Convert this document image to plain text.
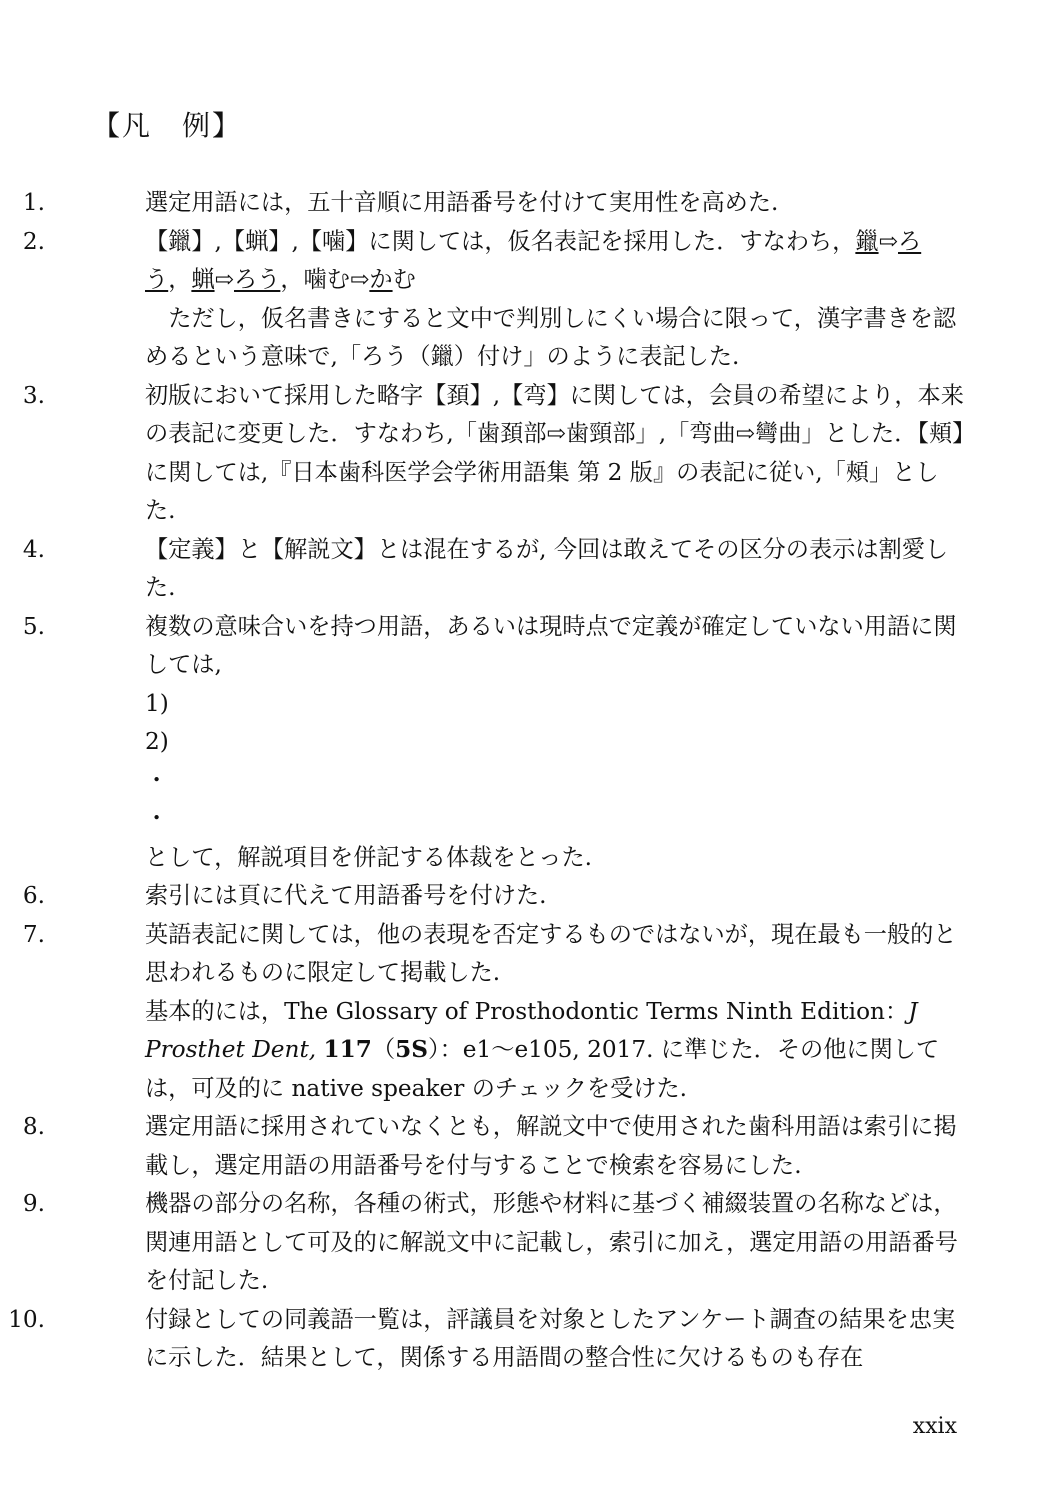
【凡　例】
1.	選定用語には，五十音順に用語番号を付けて実用性を高めた.
2.	【鑞】,【蝋】,【噛】に関しては，仮名表記を採用した．すなわち，鑞⇨ろう，蝋⇨ろう，噛む⇨かむ
ただし，仮名書きにすると文中で判別しにくい場合に限って，漢字書きを認めるという意味で,「ろう（鑞）付け」のように表記した.
3.	初版において採用した略字【頚】,【弯】に関しては，会員の希望により，本来の表記に変更した．すなわち,「歯頚部⇨歯頸部」,「弯曲⇨彎曲」とした．【頬】に関しては,『日本歯科医学会学術用語集 第 2 版』の表記に従い,「頰」とした.
4.	【定義】と【解説文】とは混在するが, 今回は敢えてその区分の表示は割愛した.
5.	複数の意味合いを持つ用語，あるいは現時点で定義が確定していない用語に関しては,
1)
2)
・
・
として，解説項目を併記する体裁をとった.
6.	索引には頁に代えて用語番号を付けた.
7.	英語表記に関しては，他の表現を否定するものではないが，現在最も一般的と思われるものに限定して掲載した.
基本的には，The Glossary of Prosthodontic Terms Ninth Edition：J Prosthet Dent, 117（5S）：e1〜e105, 2017. に準じた．その他に関しては，可及的に native speaker のチェックを受けた.
8.	選定用語に採用されていなくとも，解説文中で使用された歯科用語は索引に掲載し，選定用語の用語番号を付与することで検索を容易にした.
9.	機器の部分の名称，各種の術式，形態や材料に基づく補綴装置の名称などは，関連用語として可及的に解説文中に記載し，索引に加え，選定用語の用語番号を付記した.
10.	付録としての同義語一覧は，評議員を対象としたアンケート調査の結果を忠実に示した．結果として，関係する用語間の整合性に欠けるものも存在
xxix
